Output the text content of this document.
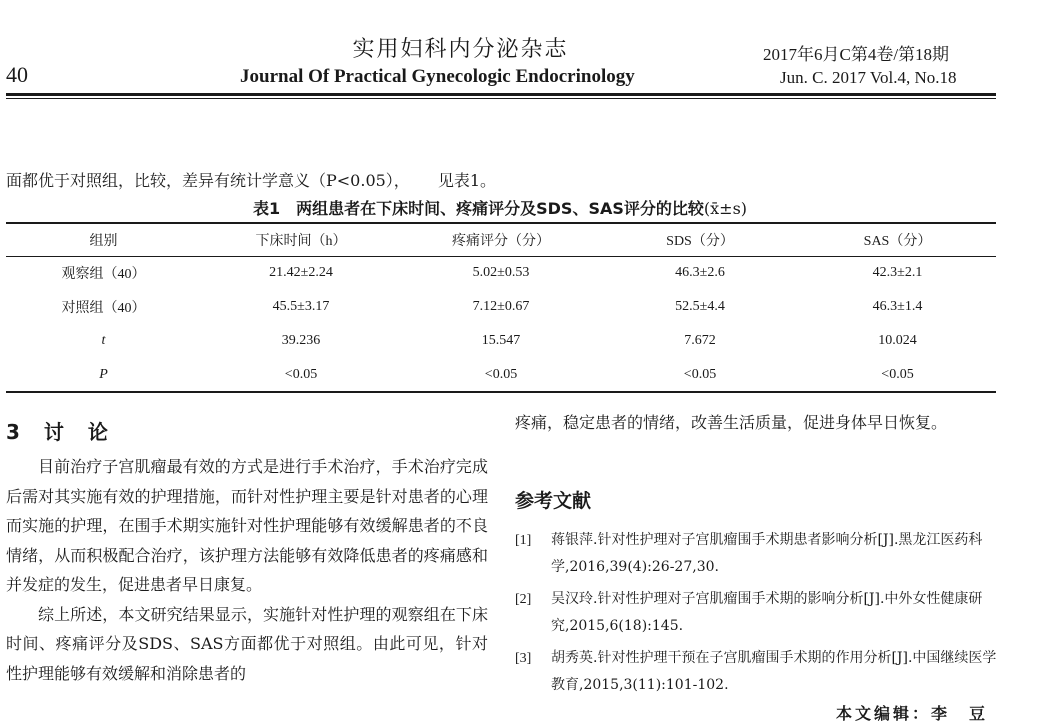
40
实用妇科内分泌杂志
Journal Of Practical Gynecologic Endocrinology
2017年6月C第4卷/第18期
Jun. C. 2017 Vol.4, No.18
面都优于对照组，比较，差异有统计学意义（P<0.05）， 见表1。
表1　两组患者在下床时间、疼痛评分及SDS、SAS评分的比较(x̄±s)
组别	下床时间（h）	疼痛评分（分）	SDS（分）	SAS（分）
观察组（40）	21.42±2.24	5.02±0.53	46.3±2.6	42.3±2.1
对照组（40）	45.5±3.17	7.12±0.67	52.5±4.4	46.3±1.4
t	39.236	15.547	7.672	10.024
P	<0.05	<0.05	<0.05	<0.05
3　讨　论

目前治疗子宫肌瘤最有效的方式是进行手术治疗，手术治疗完成后需对其实施有效的护理措施，而针对性护理主要是针对患者的心理而实施的护理，在围手术期实施针对性护理能够有效缓解患者的不良情绪，从而积极配合治疗，该护理方法能够有效降低患者的疼痛感和并发症的发生，促进患者早日康复。

综上所述，本文研究结果显示，实施针对性护理的观察组在下床时间、疼痛评分及SDS、SAS方面都优于对照组。由此可见，针对性护理能够有效缓解和消除患者的

疼痛，稳定患者的情绪，改善生活质量，促进身体早日恢复。

参考文献
[1]	蒋银萍.针对性护理对子宫肌瘤围手术期患者影响分析[J].黑龙江医药科学,2016,39(4):26-27,30.
[2]	吴汉玲.针对性护理对子宫肌瘤围手术期的影响分析[J].中外女性健康研究,2015,6(18):145.
[3]	胡秀英.针对性护理干预在子宫肌瘤围手术期的作用分析[J].中国继续医学教育,2015,3(11):101-102.
本文编辑：李　豆
